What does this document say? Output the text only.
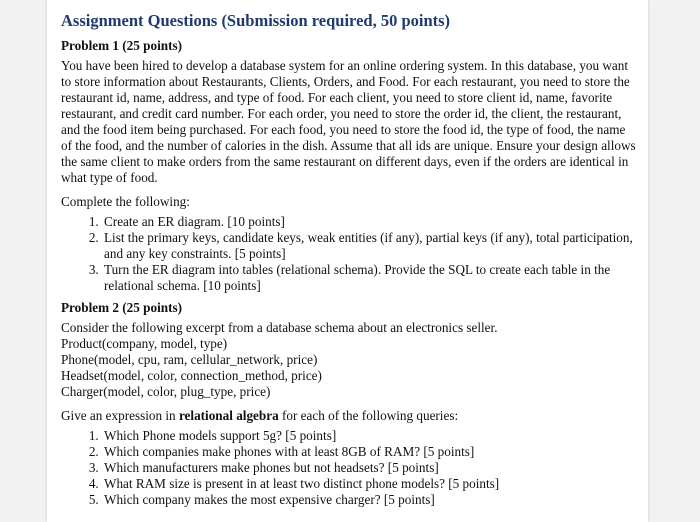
Assignment Questions (Submission required, 50 points)
Problem 1 (25 points)

You have been hired to develop a database system for an online ordering system. In this database, you want to store information about Restaurants, Clients, Orders, and Food. For each restaurant, you need to store the restaurant id, name, address, and type of food. For each client, you need to store client id, name, favorite restaurant, and credit card number. For each order, you need to store the order id, the client, the restaurant, and the food item being purchased. For each food, you need to store the food id, the type of food, the name of the food, and the number of calories in the dish. Assume that all ids are unique. Ensure your design allows the same client to make orders from the same restaurant on different days, even if the orders are identical in what type of food.

Complete the following:

1. Create an ER diagram. [10 points]
2. List the primary keys, candidate keys, weak entities (if any), partial keys (if any), total participation, and any key constraints. [5 points]
3. Turn the ER diagram into tables (relational schema). Provide the SQL to create each table in the relational schema. [10 points]
Problem 2 (25 points)

Consider the following excerpt from a database schema about an electronics seller.

Product(company, model, type)

Phone(model, cpu, ram, cellular_network, price)

Headset(model, color, connection_method, price)

Charger(model, color, plug_type, price)

Give an expression in relational algebra for each of the following queries:

1. Which Phone models support 5g? [5 points]
2. Which companies make phones with at least 8GB of RAM? [5 points]
3. Which manufacturers make phones but not headsets? [5 points]
4. What RAM size is present in at least two distinct phone models? [5 points]
5. Which company makes the most expensive charger? [5 points]
